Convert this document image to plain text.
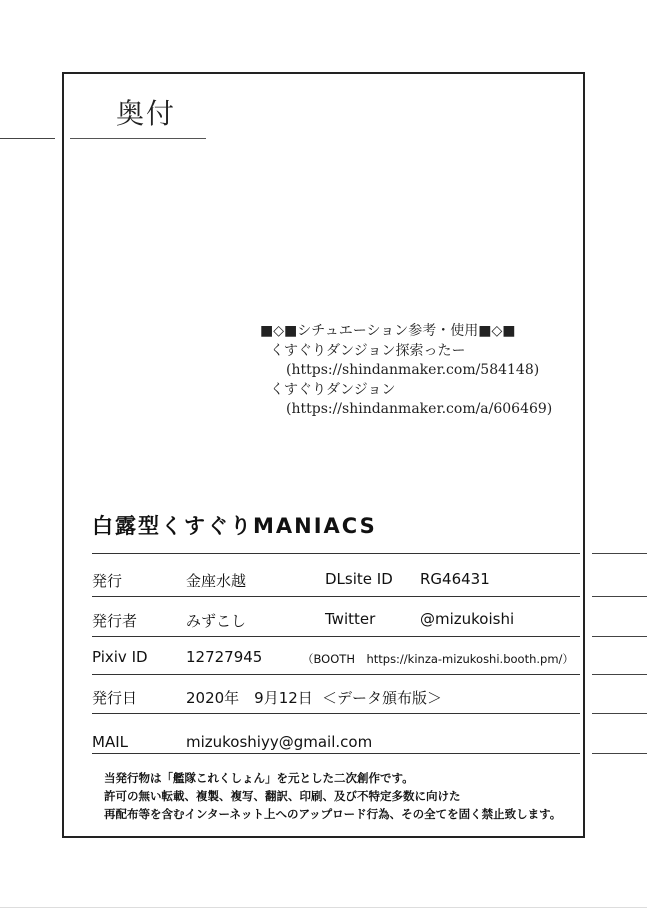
奥付
■◇■シチュエーション参考・使用■◇■
くすぐりダンジョン探索ったー
(https://shindanmaker.com/584148)
くすぐりダンジョン
(https://shindanmaker.com/a/606469)
白露型くすぐりMANIACS
発行	金座水越	DLsite ID RG46431
発行者	みずこし	Twitter	@mizukoishi
Pixiv ID	12727945	（BOOTH　https://kinza-mizukoshi.booth.pm/）
発行日	2020年　9月12日 ＜データ頒布版＞
MAIL	mizukoshiyy@gmail.com
当発行物は「艦隊これくしょん」を元とした二次創作です。
許可の無い転載、複製、複写、翻訳、印刷、及び不特定多数に向けた
再配布等を含むインターネット上へのアップロード行為、その全てを固く禁止致します。
